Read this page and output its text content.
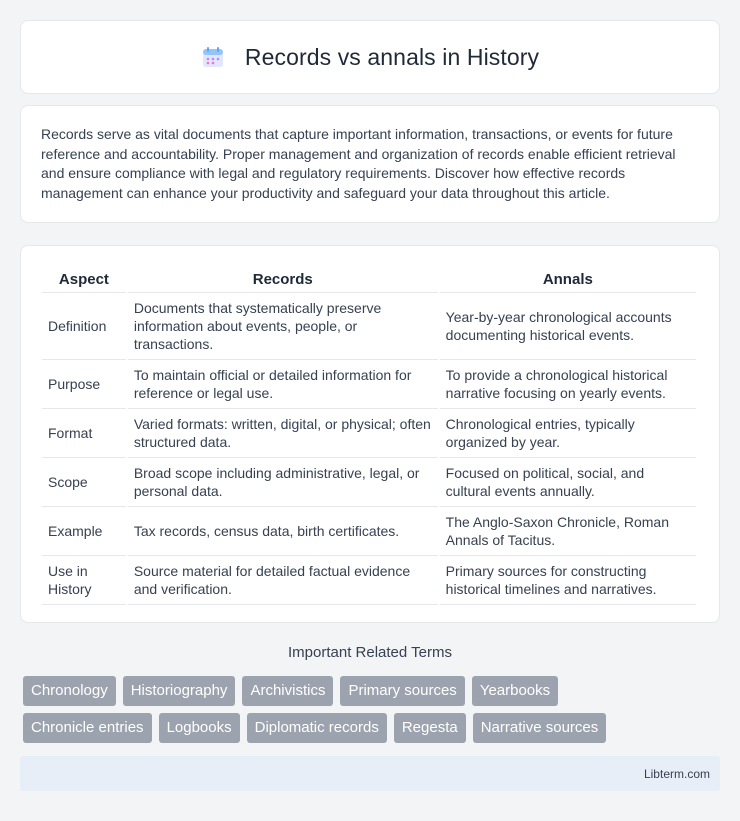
Records vs annals in History

Records serve as vital documents that capture important information, transactions, or events for future reference and accountability. Proper management and organization of records enable efficient retrieval and ensure compliance with legal and regulatory requirements. Discover how effective records management can enhance your productivity and safeguard your data throughout this article.

Aspect	Records	Annals
Definition	Documents that systematically preserve information about events, people, or transactions.	Year-by-year chronological accounts documenting historical events.
Purpose	To maintain official or detailed information for reference or legal use.	To provide a chronological historical narrative focusing on yearly events.
Format	Varied formats: written, digital, or physical; often structured data.	Chronological entries, typically organized by year.
Scope	Broad scope including administrative, legal, or personal data.	Focused on political, social, and cultural events annually.
Example	Tax records, census data, birth certificates.	The Anglo-Saxon Chronicle, Roman Annals of Tacitus.
Use in History	Source material for detailed factual evidence and verification.	Primary sources for constructing historical timelines and narratives.
Important Related Terms
Chronology	Historiography	Archivistics	Primary sources	Yearbooks
Chronicle entries	Logbooks	Diplomatic records	Regesta	Narrative sources
Libterm.com
